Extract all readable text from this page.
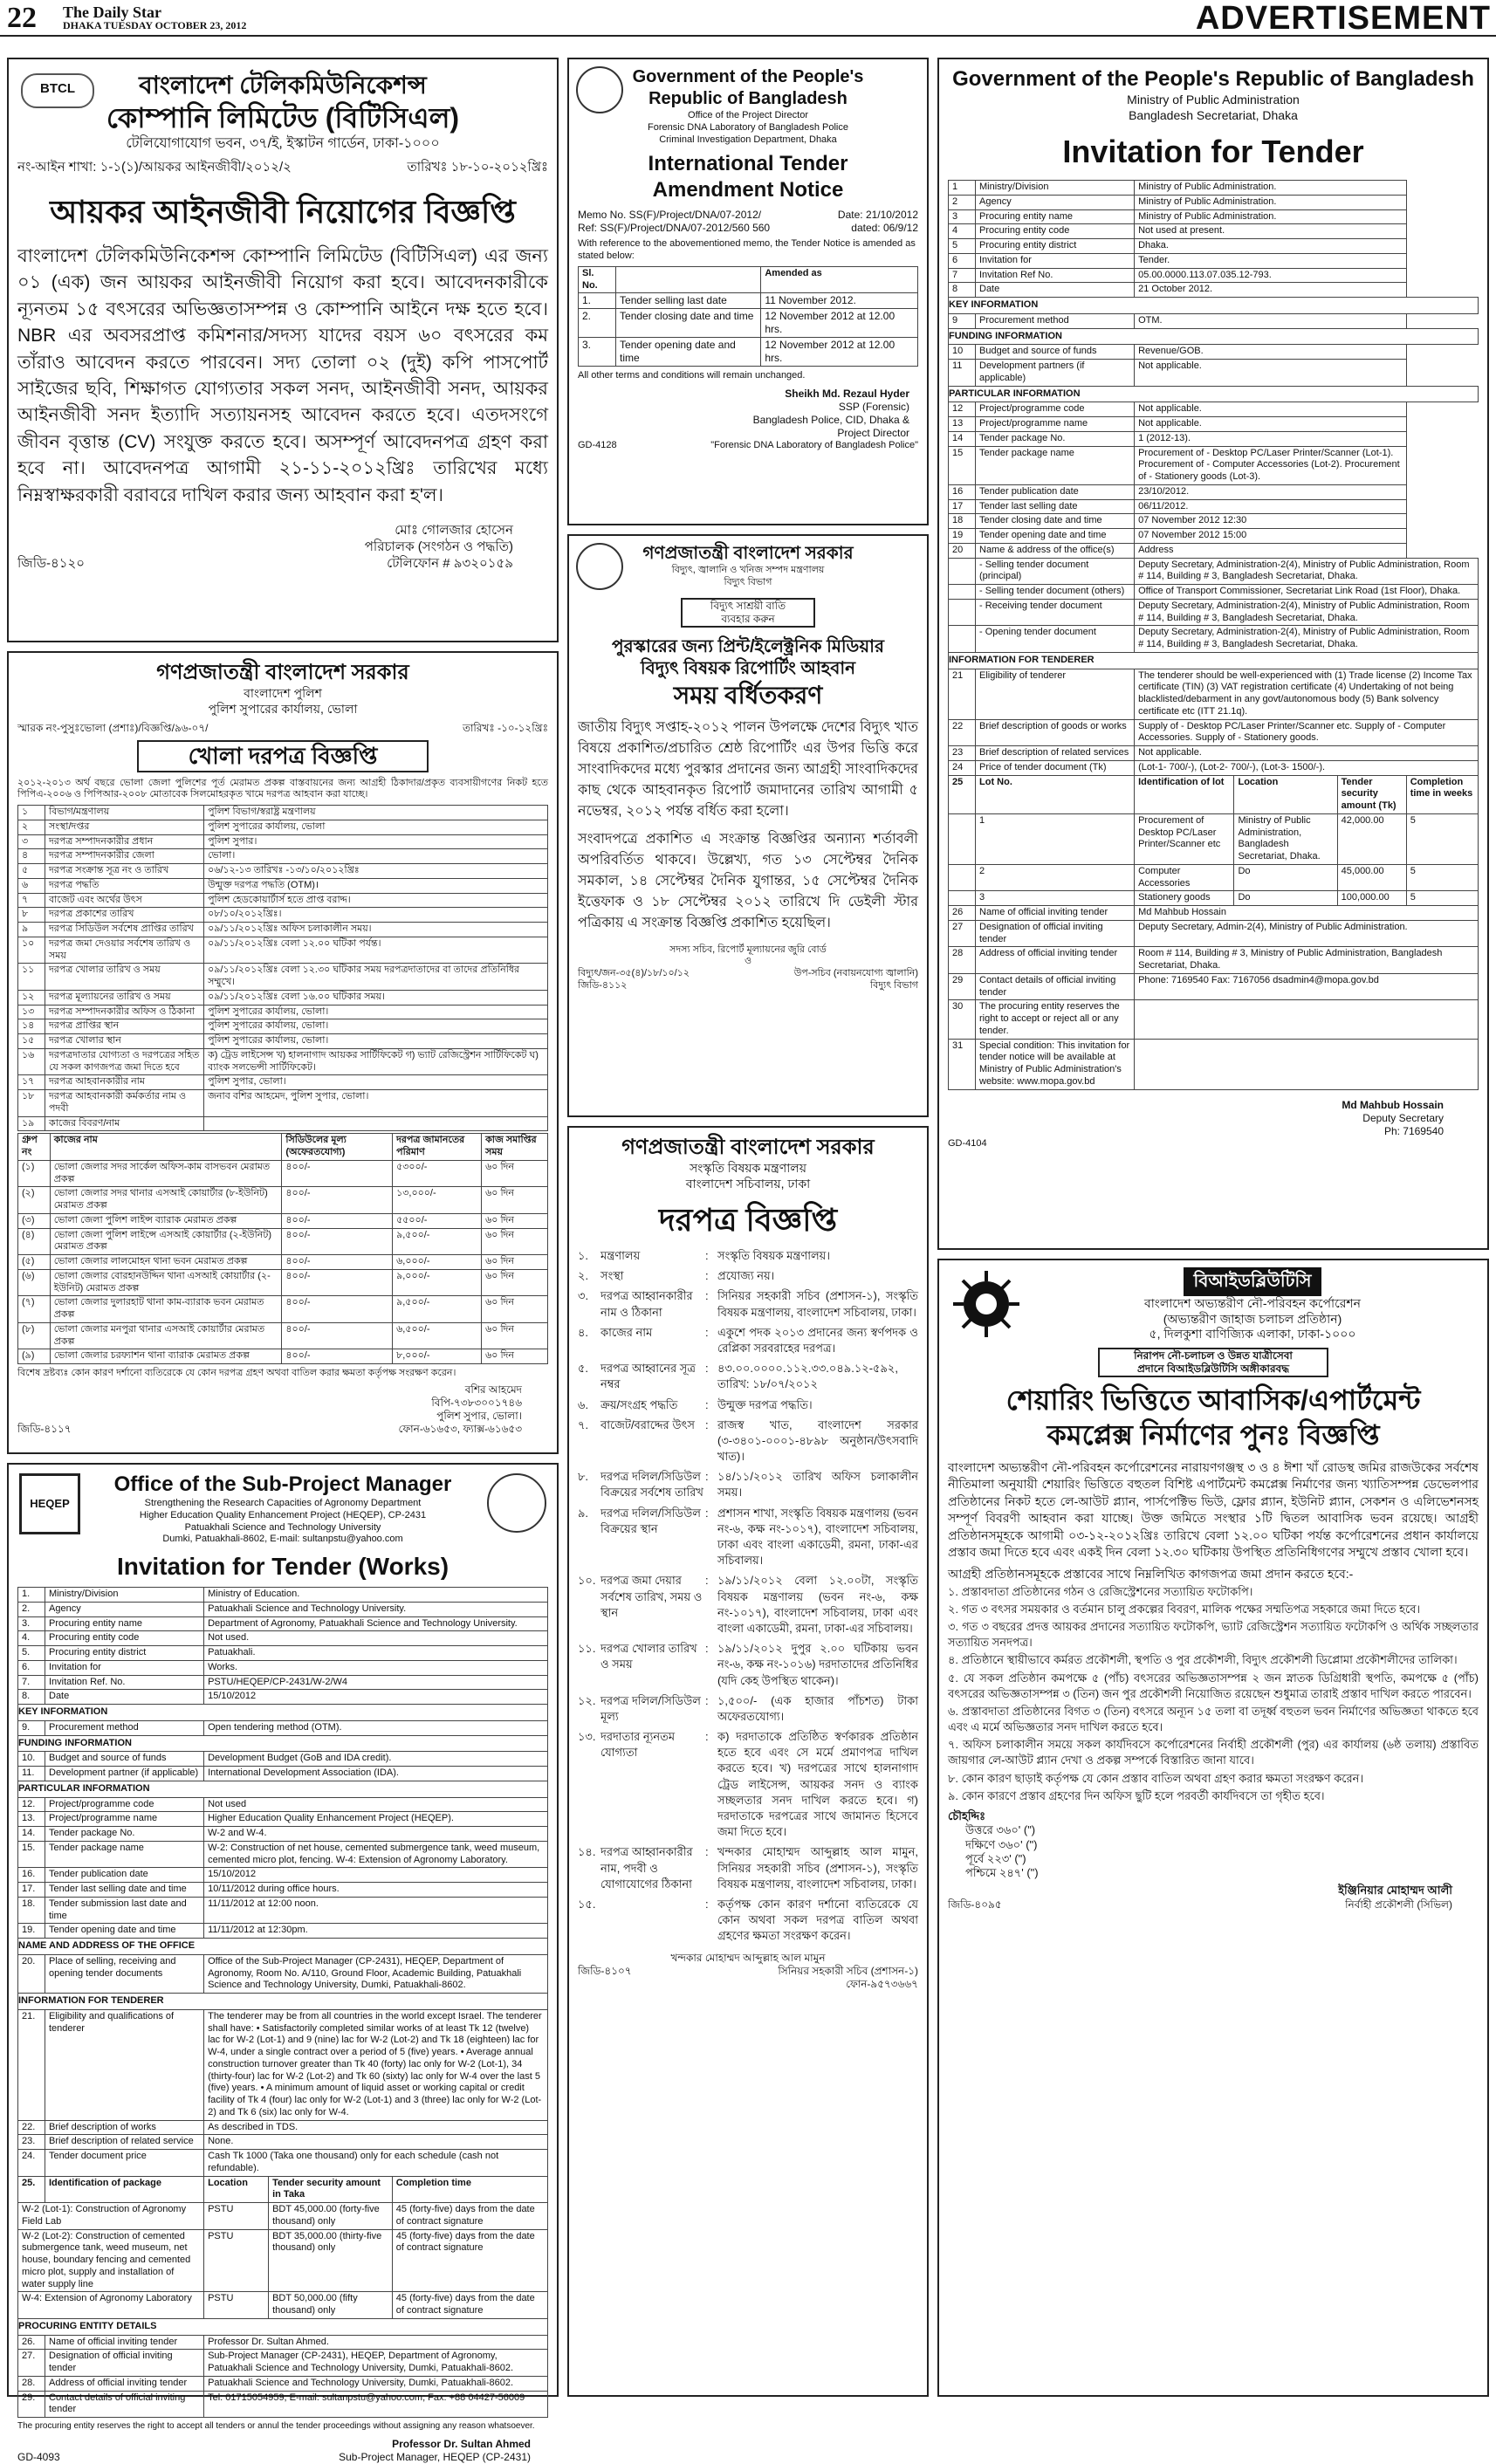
22 The Daily Star
DHAKA TUESDAY OCTOBER 23, 2012	ADVERTISEMENT
BTCL	বাংলাদেশ টেলিকমিউনিকেশন্স
কোম্পানি লিমিটেড (বিটিসিএল)
টেলিযোগাযোগ ভবন, ৩৭/ই, ইস্কাটন গার্ডেন, ঢাকা-১০০০
নং-আইন শাখা: ১-১(১)/আয়কর আইনজীবী/২০১২/২	তারিখঃ ১৮-১০-২০১২খ্রিঃ
আয়কর আইনজীবী নিয়োগের বিজ্ঞপ্তি
বাংলাদেশ টেলিকমিউনিকেশন্স কোম্পানি লিমিটেড (বিটিসিএল) এর জন্য ০১ (এক) জন আয়কর আইনজীবী নিয়োগ করা হবে। আবেদনকারীকে ন্যূনতম ১৫ বৎসরের অভিজ্ঞতাসম্পন্ন ও কোম্পানি আইনে দক্ষ হতে হবে। NBR এর অবসরপ্রাপ্ত কমিশনার/সদস্য যাদের বয়স ৬০ বৎসরের কম তাঁরাও আবেদন করতে পারবেন। সদ্য তোলা ০২ (দুই) কপি পাসপোর্ট সাইজের ছবি, শিক্ষাগত যোগ্যতার সকল সনদ, আইনজীবী সনদ, আয়কর আইনজীবী সনদ ইত্যাদি সত্যায়নসহ আবেদন করতে হবে। এতদসংগে জীবন বৃত্তান্ত (CV) সংযুক্ত করতে হবে। অসম্পূর্ণ আবেদনপত্র গ্রহণ করা হবে না। আবেদনপত্র আগামী ২১-১১-২০১২খ্রিঃ তারিখের মধ্যে নিম্নস্বাক্ষরকারী বরাবরে দাখিল করার জন্য আহবান করা হ'ল।
মোঃ গোলজার হোসেন
পরিচালক (সংগঠন ও পদ্ধতি)
জিডি-৪১২০	টেলিফোন # ৯৩২০১৫৯
গণপ্রজাতন্ত্রী বাংলাদেশ সরকার
বাংলাদেশ পুলিশ
পুলিশ সুপারের কার্যালয়, ভোলা
স্মারক নং-পুসুঃভোলা (প্রশাঃ)/বিজ্ঞপ্তি/৯৬-০৭/	তারিখঃ -১০-১২খ্রিঃ
খোলা দরপত্র বিজ্ঞপ্তি
২০১২-২০১৩ অর্থ বছরে ভোলা জেলা পুলিশের পূর্ত মেরামত প্রকল্প বাস্তবায়নের জন্য আগ্রহী ঠিকাদার/প্রকৃত ব্যবসায়ীগণের নিকট হতে পিপিএ-২০০৬ ও পিপিআর-২০০৮ মোতাবেক সিলমোহরকৃত খামে দরপত্র আহবান করা যাচ্ছে।
১	বিভাগ/মন্ত্রণালয়	পুলিশ বিভাগ/স্বরাষ্ট্র মন্ত্রণালয়
২	সংস্থা/দপ্তর	পুলিশ সুপারের কার্যালয়, ভোলা
৩	দরপত্র সম্পাদনকারীর প্রধান	পুলিশ সুপার।
৪	দরপত্র সম্পাদনকারীর জেলা	ভোলা।
৫	দরপত্র সংক্রান্ত সূত্র নং ও তারিখ	০৬/১২-১৩ তারিখঃ -১৩/১০/২০১২খ্রিঃ
৬	দরপত্র পদ্ধতি	উন্মুক্ত দরপত্র পদ্ধতি (OTM)।
৭	বাজেট এবং অর্থের উৎস	পুলিশ হেডকোয়ার্টার্স হতে প্রাপ্ত বরাদ্দ।
৮	দরপত্র প্রকাশের তারিখ	০৮/১০/২০১২খ্রিঃ।
৯	দরপত্র সিডিউল সর্বশেষ প্রাপ্তির তারিখ	০৯/১১/২০১২খ্রিঃ অফিস চলাকালীন সময়।
১০	দরপত্র জমা দেওয়ার সর্বশেষ তারিখ ও সময়	০৯/১১/২০১২খ্রিঃ বেলা ১২.০০ ঘটিকা পর্যন্ত।
১১	দরপত্র খোলার তারিখ ও সময়	০৯/১১/২০১২খ্রিঃ বেলা ১২.৩০ ঘটিকার সময় দরপত্রদাতাদের বা তাদের প্রতিনিধির সম্মুখে।
১২	দরপত্র মূল্যায়নের তারিখ ও সময়	০৯/১১/২০১২খ্রিঃ বেলা ১৬.০০ ঘটিকার সময়।
১৩	দরপত্র সম্পাদনকারীর অফিস ও ঠিকানা	পুলিশ সুপারের কার্যালয়, ভোলা।
১৪	দরপত্র প্রাপ্তির স্থান	পুলিশ সুপারের কার্যালয়, ভোলা।
১৫	দরপত্র খোলার স্থান	পুলিশ সুপারের কার্যালয়, ভোলা।
১৬	দরপত্রদাতার যোগ্যতা ও দরপত্রের সহিত যে সকল কাগজপত্র জমা দিতে হবে	ক) ট্রেড লাইসেন্স খ) হালনাগাদ আয়কর সার্টিফিকেট গ) ভ্যাট রেজিস্ট্রেশন সার্টিফিকেট ঘ) ব্যাংক সলভেন্সী সার্টিফিকেট।
১৭	দরপত্র আহবানকারীর নাম	পুলিশ সুপার, ভোলা।
১৮	দরপত্র আহবানকারী কর্মকর্তার নাম ও পদবী	জনাব বশির আহমেদ, পুলিশ সুপার, ভোলা।
১৯	কাজের বিবরণ/নাম	
গ্রুপ নং	কাজের নাম	সিডিউলের মূল্য (অফেরতযোগ্য)	দরপত্র জামানতের পরিমাণ	কাজ সমাপ্তির সময়
(১)	ভোলা জেলার সদর সার্কেল অফিস-কাম বাসভবন মেরামত প্রকল্প	৪০০/-	৫৩০০/-	৬০ দিন
(২)	ভোলা জেলার সদর থানার এসআই কোয়ার্টার (৮-ইউনিট) মেরামত প্রকল্প	৪০০/-	১৩,০০০/-	৬০ দিন
(৩)	ভোলা জেলা পুলিশ লাইন্স ব্যারাক মেরামত প্রকল্প	৪০০/-	৫৫০০/-	৬০ দিন
(৪)	ভোলা জেলা পুলিশ লাইন্সে এসআই কোয়ার্টার (২-ইউনিট) মেরামত প্রকল্প	৪০০/-	৯,৫০০/-	৬০ দিন
(৫)	ভোলা জেলার লালমোহন থানা ভবন মেরামত প্রকল্প	৪০০/-	৬,০০০/-	৬০ দিন
(৬)	ভোলা জেলার বোরহানউদ্দিন থানা এসআই কোয়ার্টার (২-ইউনিট) মেরামত প্রকল্প	৪০০/-	৯,০০০/-	৬০ দিন
(৭)	ভোলা জেলার দুলারহাট থানা কাম-ব্যারাক ভবন মেরামত প্রকল্প	৪০০/-	৯,৫০০/-	৬০ দিন
(৮)	ভোলা জেলার মনপুরা থানার এসআই কোয়ার্টার মেরামত প্রকল্প	৪০০/-	৬,৫০০/-	৬০ দিন
(৯)	ভোলা জেলার চরফ্যাশন থানা ব্যারাক মেরামত প্রকল্প	৪০০/-	৮,০০০/-	৬০ দিন
বিশেষ দ্রষ্টব্যঃ কোন কারণ দর্শানো ব্যতিরেকে যে কোন দরপত্র গ্রহণ অথবা বাতিল করার ক্ষমতা কর্তৃপক্ষ সংরক্ষণ করেন।
বশির আহমেদ
বিপি-৭৩৮৩০০১৭৪৬
পুলিশ সুপার, ভোলা।
জিডি-৪১১৭	ফোন-৬১৬৫৩, ফ্যাক্স-৬১৬৫৩
HEQEP
Office of the Sub-Project Manager
Strengthening the Research Capacities of Agronomy Department
Higher Education Quality Enhancement Project (HEQEP), CP-2431
Patuakhali Science and Technology University
Dumki, Patuakhali-8602, E-mail: sultanpstu@yahoo.com
Invitation for Tender (Works)
1.	Ministry/Division	Ministry of Education.		
2.	Agency	Patuakhali Science and Technology University.		
3.	Procuring entity name	Department of Agronomy, Patuakhali Science and Technology University.		
4.	Procuring entity code	Not used.		
5.	Procuring entity district	Patuakhali.		
6.	Invitation for	Works.		
7.	Invitation Ref. No.	PSTU/HEQEP/CP-2431/W-2/W4		
8.	Date	15/10/2012		
KEY INFORMATION				
9.	Procurement method	Open tendering method (OTM).		
FUNDING INFORMATION				
10.	Budget and source of funds	Development Budget (GoB and IDA credit).		
11.	Development partner (if applicable)	International Development Association (IDA).		
PARTICULAR INFORMATION				
12.	Project/programme code	Not used		
13.	Project/programme name	Higher Education Quality Enhancement Project (HEQEP).		
14.	Tender package No.	W-2 and W-4.		
15.	Tender package name	W-2: Construction of net house, cemented submergence tank, weed museum, cemented micro plot, fencing. W-4: Extension of Agronomy Laboratory.		
16.	Tender publication date	15/10/2012		
17.	Tender last selling date and time	10/11/2012 during office hours.		
18.	Tender submission last date and time	11/11/2012 at 12:00 noon.		
19.	Tender opening date and time	11/11/2012 at 12:30pm.		
NAME AND ADDRESS OF THE OFFICE				
20.	Place of selling, receiving and opening tender documents	Office of the Sub-Project Manager (CP-2431), HEQEP, Department of Agronomy, Room No. A/110, Ground Floor, Academic Building, Patuakhali Science and Technology University, Dumki, Patuakhali-8602.		
INFORMATION FOR TENDERER				
21.	Eligibility and qualifications of tenderer	The tenderer may be from all countries in the world except Israel. The tenderer shall have: • Satisfactorily completed similar works of at least Tk 12 (twelve) lac for W-2 (Lot-1) and 9 (nine) lac for W-2 (Lot-2) and Tk 18 (eighteen) lac for W-4, under a single contract over a period of 5 (five) years. • Average annual construction turnover greater than Tk 40 (forty) lac only for W-2 (Lot-1), 34 (thirty-four) lac for W-2 (Lot-2) and Tk 60 (sixty) lac only for W-4 over the last 5 (five) years. • A minimum amount of liquid asset or working capital or credit facility of Tk 4 (four) lac only for W-2 (Lot-1) and 3 (three) lac only for W-2 (Lot-2) and Tk 6 (six) lac only for W-4.		
22.	Brief description of works	As described in TDS.		
23.	Brief description of related service	None.		
24.	Tender document price	Cash Tk 1000 (Taka one thousand) only for each schedule (cash not refundable).		
25.	Identification of package	Location	Tender security amount in Taka	Completion time
W-2 (Lot-1): Construction of Agronomy Field Lab		PSTU	BDT 45,000.00 (forty-five thousand) only	45 (forty-five) days from the date of contract signature
W-2 (Lot-2): Construction of cemented submergence tank, weed museum, net house, boundary fencing and cemented micro plot, supply and installation of water supply line		PSTU	BDT 35,000.00 (thirty-five thousand) only	45 (forty-five) days from the date of contract signature
W-4: Extension of Agronomy Laboratory		PSTU	BDT 50,000.00 (fifty thousand) only	45 (forty-five) days from the date of contract signature
PROCURING ENTITY DETAILS				
26.	Name of official inviting tender	Professor Dr. Sultan Ahmed.		
27.	Designation of official inviting tender	Sub-Project Manager (CP-2431), HEQEP, Department of Agronomy, Patuakhali Science and Technology University, Dumki, Patuakhali-8602.		
28.	Address of official inviting tender	Patuakhali Science and Technology University, Dumki, Patuakhali-8602.		
29.	Contact details of official inviting tender	Tel: 01715054959, E-mail: sultanpstu@yahoo.com; Fax: +88 04427-56009		
The procuring entity reserves the right to accept all tenders or annul the tender proceedings without assigning any reason whatsoever.
Professor Dr. Sultan Ahmed
GD-4093	Sub-Project Manager, HEQEP (CP-2431)
Government of the People's
Republic of Bangladesh
Office of the Project Director
Forensic DNA Laboratory of Bangladesh Police
Criminal Investigation Department, Dhaka
International Tender
Amendment Notice
Memo No. SS(F)/Project/DNA/07-2012/	Date: 21/10/2012
Ref: SS(F)/Project/DNA/07-2012/560 560	dated: 06/9/12
With reference to the abovementioned memo, the Tender Notice is amended as stated below:
Sl. No.		Amended as
1.	Tender selling last date	11 November 2012.
2.	Tender closing date and time	12 November 2012 at 12.00 hrs.
3.	Tender opening date and time	12 November 2012 at 12.00 hrs.
All other terms and conditions will remain unchanged.
Sheikh Md. Rezaul Hyder
SSP (Forensic)
Bangladesh Police, CID, Dhaka &
Project Director
GD-4128	"Forensic DNA Laboratory of Bangladesh Police"
গণপ্রজাতন্ত্রী বাংলাদেশ সরকার
বিদ্যুৎ, জ্বালানি ও খনিজ সম্পদ মন্ত্রণালয়
বিদ্যুৎ বিভাগ
বিদ্যুৎ সাশ্রয়ী বাতি
ব্যবহার করুন
পুরস্কারের জন্য প্রিন্ট/ইলেক্ট্রনিক মিডিয়ার
বিদ্যুৎ বিষয়ক রিপোর্টিং আহবান
সময় বর্ধিতকরণ
জাতীয় বিদ্যুৎ সপ্তাহ-২০১২ পালন উপলক্ষে দেশের বিদ্যুৎ খাত বিষয়ে প্রকাশিত/প্রচারিত শ্রেষ্ঠ রিপোর্টিং এর উপর ভিত্তি করে সাংবাদিকদের মধ্যে পুরস্কার প্রদানের জন্য আগ্রহী সাংবাদিকদের কাছ থেকে আহবানকৃত রিপোর্ট জমাদানের তারিখ আগামী ৫ নভেম্বর, ২০১২ পর্যন্ত বর্ধিত করা হলো।
সংবাদপত্রে প্রকাশিত এ সংক্রান্ত বিজ্ঞপ্তির অন্যান্য শর্তাবলী অপরিবর্তিত থাকবে। উল্লেখ্য, গত ১৩ সেপ্টেম্বর দৈনিক সমকাল, ১৪ সেপ্টেম্বর দৈনিক যুগান্তর, ১৫ সেপ্টেম্বর দৈনিক ইত্তেফাক ও ১৮ সেপ্টেম্বর ২০১২ তারিখে দি ডেইলী স্টার পত্রিকায় এ সংক্রান্ত বিজ্ঞপ্তি প্রকাশিত হয়েছিল।
সদস্য সচিব, রিপোর্ট মূল্যায়নের জুরি বোর্ড
ও
বিদ্যুৎ/জন-৩৫(৪)/১৮/১০/১২	উপ-সচিব (নবায়নযোগ্য জ্বালানি)
জিডি-৪১১২	বিদ্যুৎ বিভাগ
গণপ্রজাতন্ত্রী বাংলাদেশ সরকার
সংস্কৃতি বিষয়ক মন্ত্রণালয়
বাংলাদেশ সচিবালয়, ঢাকা
দরপত্র বিজ্ঞপ্তি
১.	মন্ত্রণালয়	: সংস্কৃতি বিষয়ক মন্ত্রণালয়।
২.	সংস্থা	: প্রযোজ্য নয়।
৩.	দরপত্র আহ্বানকারীর নাম ও ঠিকানা
: সিনিয়র সহকারী সচিব (প্রশাসন-১), সংস্কৃতি বিষয়ক মন্ত্রণালয়, বাংলাদেশ সচিবালয়, ঢাকা।
৪.	কাজের নাম	: একুশে পদক ২০১৩ প্রদানের জন্য স্বর্ণপদক ও রেপ্লিকা সরবরাহের দরপত্র।
৫.	দরপত্র আহ্বানের সূত্র নম্বর
: ৪৩.০০.০০০০.১১২.৩৩.০৪৯.১২-৫৯২, তারিখ: ১৮/০৭/২০১২
৬.	ক্রয়/সংগ্রহ পদ্ধতি	: উন্মুক্ত দরপত্র পদ্ধতি।
৭.	বাজেট/বরাদ্দের উৎস : রাজস্ব খাত, বাংলাদেশ সরকার (৩-৩৪০১-০০০১-৪৮৯৮ অনুষ্ঠান/উৎসবাদি খাত)।
৮.	দরপত্র দলিল/সিডিউল বিক্রয়ের সর্বশেষ তারিখ
: ১৪/১১/২০১২ তারিখ অফিস চলাকালীন সময়।
৯.	দরপত্র দলিল/সিডিউল বিক্রয়ের স্থান
: প্রশাসন শাখা, সংস্কৃতি বিষয়ক মন্ত্রণালয় (ভবন নং-৬, কক্ষ নং-১০১৭), বাংলাদেশ সচিবালয়, ঢাকা এবং বাংলা একাডেমী, রমনা, ঢাকা-এর সচিবালয়।
১০. দরপত্র জমা দেয়ার সর্বশেষ তারিখ, সময় ও স্থান
: ১৯/১১/২০১২ বেলা ১২.০০টা, সংস্কৃতি বিষয়ক মন্ত্রণালয় (ভবন নং-৬, কক্ষ নং-১০১৭), বাংলাদেশ সচিবালয়, ঢাকা এবং বাংলা একাডেমী, রমনা, ঢাকা-এর সচিবালয়।
১১. দরপত্র খোলার তারিখ ও সময়
: ১৯/১১/২০১২ দুপুর ২.০০ ঘটিকায় ভবন নং-৬, কক্ষ নং-১০১৬) দরদাতাদের প্রতিনিধির (যদি কেহ উপস্থিত থাকেন)।
১২. দরপত্র দলিল/সিডিউল মূল্য
: ১,৫০০/- (এক হাজার পাঁচশত) টাকা অফেরতযোগ্য।
১৩. দরদাতার ন্যূনতম যোগ্যতা
: ক) দরদাতাকে প্রতিষ্ঠিত স্বর্ণকারক প্রতিষ্ঠান হতে হবে এবং সে মর্মে প্রমাণপত্র দাখিল করতে হবে। খ) দরপত্রের সাথে হালনাগাদ ট্রেড লাইসেন্স, আয়কর সনদ ও ব্যাংক সচ্ছলতার সনদ দাখিল করতে হবে। গ) দরদাতাকে দরপত্রের সাথে জামানত হিসেবে জমা দিতে হবে।
১৪. দরপত্র আহ্বানকারীর নাম, পদবী ও যোগাযোগের ঠিকানা
: খন্দকার মোহাম্মদ আব্দুল্লাহ আল মামুন, সিনিয়র সহকারী সচিব (প্রশাসন-১), সংস্কৃতি বিষয়ক মন্ত্রণালয়, বাংলাদেশ সচিবালয়, ঢাকা।
১৫.	: কর্তৃপক্ষ কোন কারণ দর্শানো ব্যতিরেকে যে কোন অথবা সকল দরপত্র বাতিল অথবা গ্রহণের ক্ষমতা সংরক্ষণ করেন।
খন্দকার মোহাম্মদ আব্দুল্লাহ আল মামুন
জিডি-৪১০৭	সিনিয়র সহকারী সচিব (প্রশাসন-১)
ফোন-৯৫৭৩৬৬৭
Government of the People's Republic of Bangladesh
Ministry of Public Administration
Bangladesh Secretariat, Dhaka
Invitation for Tender
1	Ministry/Division	Ministry of Public Administration.			
2	Agency	Ministry of Public Administration.			
3	Procuring entity name	Ministry of Public Administration.			
4	Procuring entity code	Not used at present.			
5	Procuring entity district	Dhaka.			
6	Invitation for	Tender.			
7	Invitation Ref No.	05.00.0000.113.07.035.12-793.			
8	Date	21 October 2012.			
KEY INFORMATION					
9	Procurement method	OTM.			
FUNDING INFORMATION					
10	Budget and source of funds	Revenue/GOB.			
11	Development partners (if applicable)	Not applicable.			
PARTICULAR INFORMATION					
12	Project/programme code	Not applicable.			
13	Project/programme name	Not applicable.			
14	Tender package No.	1 (2012-13).			
15	Tender package name	Procurement of - Desktop PC/Laser Printer/Scanner (Lot-1). Procurement of - Computer Accessories (Lot-2). Procurement of - Stationery goods (Lot-3).			
16	Tender publication date	23/10/2012.			
17	Tender last selling date	06/11/2012.			
18	Tender closing date and time	07 November 2012 12:30			
19	Tender opening date and time	07 November 2012 15:00			
20	Name & address of the office(s)	Address			
	- Selling tender document (principal)	Deputy Secretary, Administration-2(4), Ministry of Public Administration, Room # 114, Building # 3, Bangladesh Secretariat, Dhaka.			
	- Selling tender document (others)	Office of Transport Commissioner, Secretariat Link Road (1st Floor), Dhaka.			
	- Receiving tender document	Deputy Secretary, Administration-2(4), Ministry of Public Administration, Room # 114, Building # 3, Bangladesh Secretariat, Dhaka.			
	- Opening tender document	Deputy Secretary, Administration-2(4), Ministry of Public Administration, Room # 114, Building # 3, Bangladesh Secretariat, Dhaka.			
INFORMATION FOR TENDERER					
21	Eligibility of tenderer	The tenderer should be well-experienced with (1) Trade license (2) Income Tax certificate (TIN) (3) VAT registration certificate (4) Undertaking of not being blacklisted/debarment in any govt/autonomous body (5) Bank solvency certificate etc (ITT 21.1q).			
22	Brief description of goods or works	Supply of - Desktop PC/Laser Printer/Scanner etc. Supply of - Computer Accessories. Supply of - Stationery goods.			
23	Brief description of related services	Not applicable.			
24	Price of tender document (Tk)	(Lot-1- 700/-), (Lot-2- 700/-), (Lot-3- 1500/-).			
25	Lot No.	Identification of lot	Location	Tender security amount (Tk)	Completion time in weeks
	1	Procurement of Desktop PC/Laser Printer/Scanner etc	Ministry of Public Administration, Bangladesh Secretariat, Dhaka.	42,000.00	5
	2	Computer Accessories	Do	45,000.00	5
	3	Stationery goods	Do	100,000.00	5
26	Name of official inviting tender	Md Mahbub Hossain			
27	Designation of official inviting tender	Deputy Secretary, Admin-2(4), Ministry of Public Administration.			
28	Address of official inviting tender	Room # 114, Building # 3, Ministry of Public Administration, Bangladesh Secretariat, Dhaka.			
29	Contact details of official inviting tender	Phone: 7169540 Fax: 7167056 dsadmin4@mopa.gov.bd			
30	The procuring entity reserves the right to accept or reject all or any tender.				
31	Special condition: This invitation for tender notice will be available at Ministry of Public Administration's website: www.mopa.gov.bd				
Md Mahbub Hossain
Deputy Secretary
Ph: 7169540
GD-4104
বিআইডব্লিউটিসি
বাংলাদেশ অভ্যন্তরীণ নৌ-পরিবহন কর্পোরেশন
(অভ্যন্তরীণ জাহাজ চলাচল প্রতিষ্ঠান)
৫, দিলকুশা বাণিজ্যিক এলাকা, ঢাকা-১০০০
নিরাপদ নৌ-চলাচল ও উন্নত যাত্রীসেবা
প্রদানে বিআইডব্লিউটিসি অঙ্গীকারবদ্ধ
শেয়ারিং ভিত্তিতে আবাসিক/এপার্টমেন্ট
কমপ্লেক্স নির্মাণের পুনঃ বিজ্ঞপ্তি
বাংলাদেশ অভ্যন্তরীণ নৌ-পরিবহন কর্পোরেশনের নারায়ণগঞ্জস্থ ৩ ও ৪ ঈশা খাঁ রোডস্থ জমির রাজউকের সর্বশেষ নীতিমালা অনুযায়ী শেয়ারিং ভিত্তিতে বহুতল বিশিষ্ট এপার্টমেন্ট কমপ্লেক্স নির্মাণের জন্য খ্যাতিসম্পন্ন ডেভেলপার প্রতিষ্ঠানের নিকট হতে লে-আউট প্ল্যান, পার্সপেক্টিভ ভিউ, ফ্লোর প্ল্যান, ইউনিট প্ল্যান, সেকশন ও এলিভেশনসহ সম্পূর্ণ বিবরণী আহবান করা যাচ্ছে। উক্ত জমিতে সংস্থার ১টি দ্বিতল আবাসিক ভবন রয়েছে। আগ্রহী প্রতিষ্ঠানসমূহকে আগামী ০৩-১২-২০১২খ্রিঃ তারিখে বেলা ১২.০০ ঘটিকা পর্যন্ত কর্পোরেশনের প্রধান কার্যালয়ে প্রস্তাব জমা দিতে হবে এবং একই দিন বেলা ১২.৩০ ঘটিকায় উপস্থিত প্রতিনিধিগণের সম্মুখে প্রস্তাব খোলা হবে।
আগ্রহী প্রতিষ্ঠানসমূহকে প্রস্তাবের সাথে নিম্নলিখিত কাগজপত্র জমা প্রদান করতে হবে:-
১. প্রস্তাবদাতা প্রতিষ্ঠানের গঠন ও রেজিস্ট্রেশনের সত্যায়িত ফটোকপি।
২. গত ৩ বৎসর সময়কার ও বর্তমান চালু প্রকল্পের বিবরণ, মালিক পক্ষের সম্মতিপত্র সহকারে জমা দিতে হবে।
৩. গত ৩ বছরের প্রদত্ত আয়কর প্রদানের সত্যায়িত ফটোকপি, ভ্যাট রেজিস্ট্রেশন সত্যায়িত ফটোকপি ও অর্থিক সচ্ছলতার সত্যায়িত সনদপত্র।
৪. প্রতিষ্ঠানে স্থায়ীভাবে কর্মরত প্রকৌশলী, স্থপতি ও পুর প্রকৌশলী, বিদ্যুৎ প্রকৌশলী ডিপ্লোমা প্রকৌশলীদের তালিকা।
৫. যে সকল প্রতিষ্ঠান কমপক্ষে ৫ (পাঁচ) বৎসরের অভিজ্ঞতাসম্পন্ন ২ জন স্নাতক ডিগ্রিধারী স্থপতি, কমপক্ষে ৫ (পাঁচ) বৎসরের অভিজ্ঞতাসম্পন্ন ৩ (তিন) জন পুর প্রকৌশলী নিয়োজিত রয়েছেন শুধুমাত্র তারাই প্রস্তাব দাখিল করতে পারবেন।
৬. প্রস্তাবদাতা প্রতিষ্ঠানের বিগত ৩ (তিন) বৎসরে অন্যূন ১৫ তলা বা তদূর্ধ্ব বহুতল ভবন নির্মাণের অভিজ্ঞতা থাকতে হবে এবং এ মর্মে অভিজ্ঞতার সনদ দাখিল করতে হবে।
৭. অফিস চলাকালীন সময়ে সকল কার্যদিবসে কর্পোরেশনের নির্বাহী প্রকৌশলী (পুর) এর কার্যালয় (৬ষ্ঠ তলায়) প্রস্তাবিত জায়গার লে-আউট প্ল্যান দেখা ও প্রকল্প সম্পর্কে বিস্তারিত জানা যাবে।
৮. কোন কারণ ছাড়াই কর্তৃপক্ষ যে কোন প্রস্তাব বাতিল অথবা গ্রহণ করার ক্ষমতা সংরক্ষণ করেন।
৯. কোন কারণে প্রস্তাব গ্রহণের দিন অফিস ছুটি হলে পরবর্তী কার্যদিবসে তা গৃহীত হবে।
চৌহদ্দিঃ
উত্তরে ৩৬০' (")
দক্ষিণে ৩৬০' (")
পূর্বে ২২৩' (")
পশ্চিমে ২৪৭' (")
ইঞ্জিনিয়ার মোহাম্মদ আলী
জিডি-৪০৯৫	নির্বাহী প্রকৌশলী (সিভিল)
